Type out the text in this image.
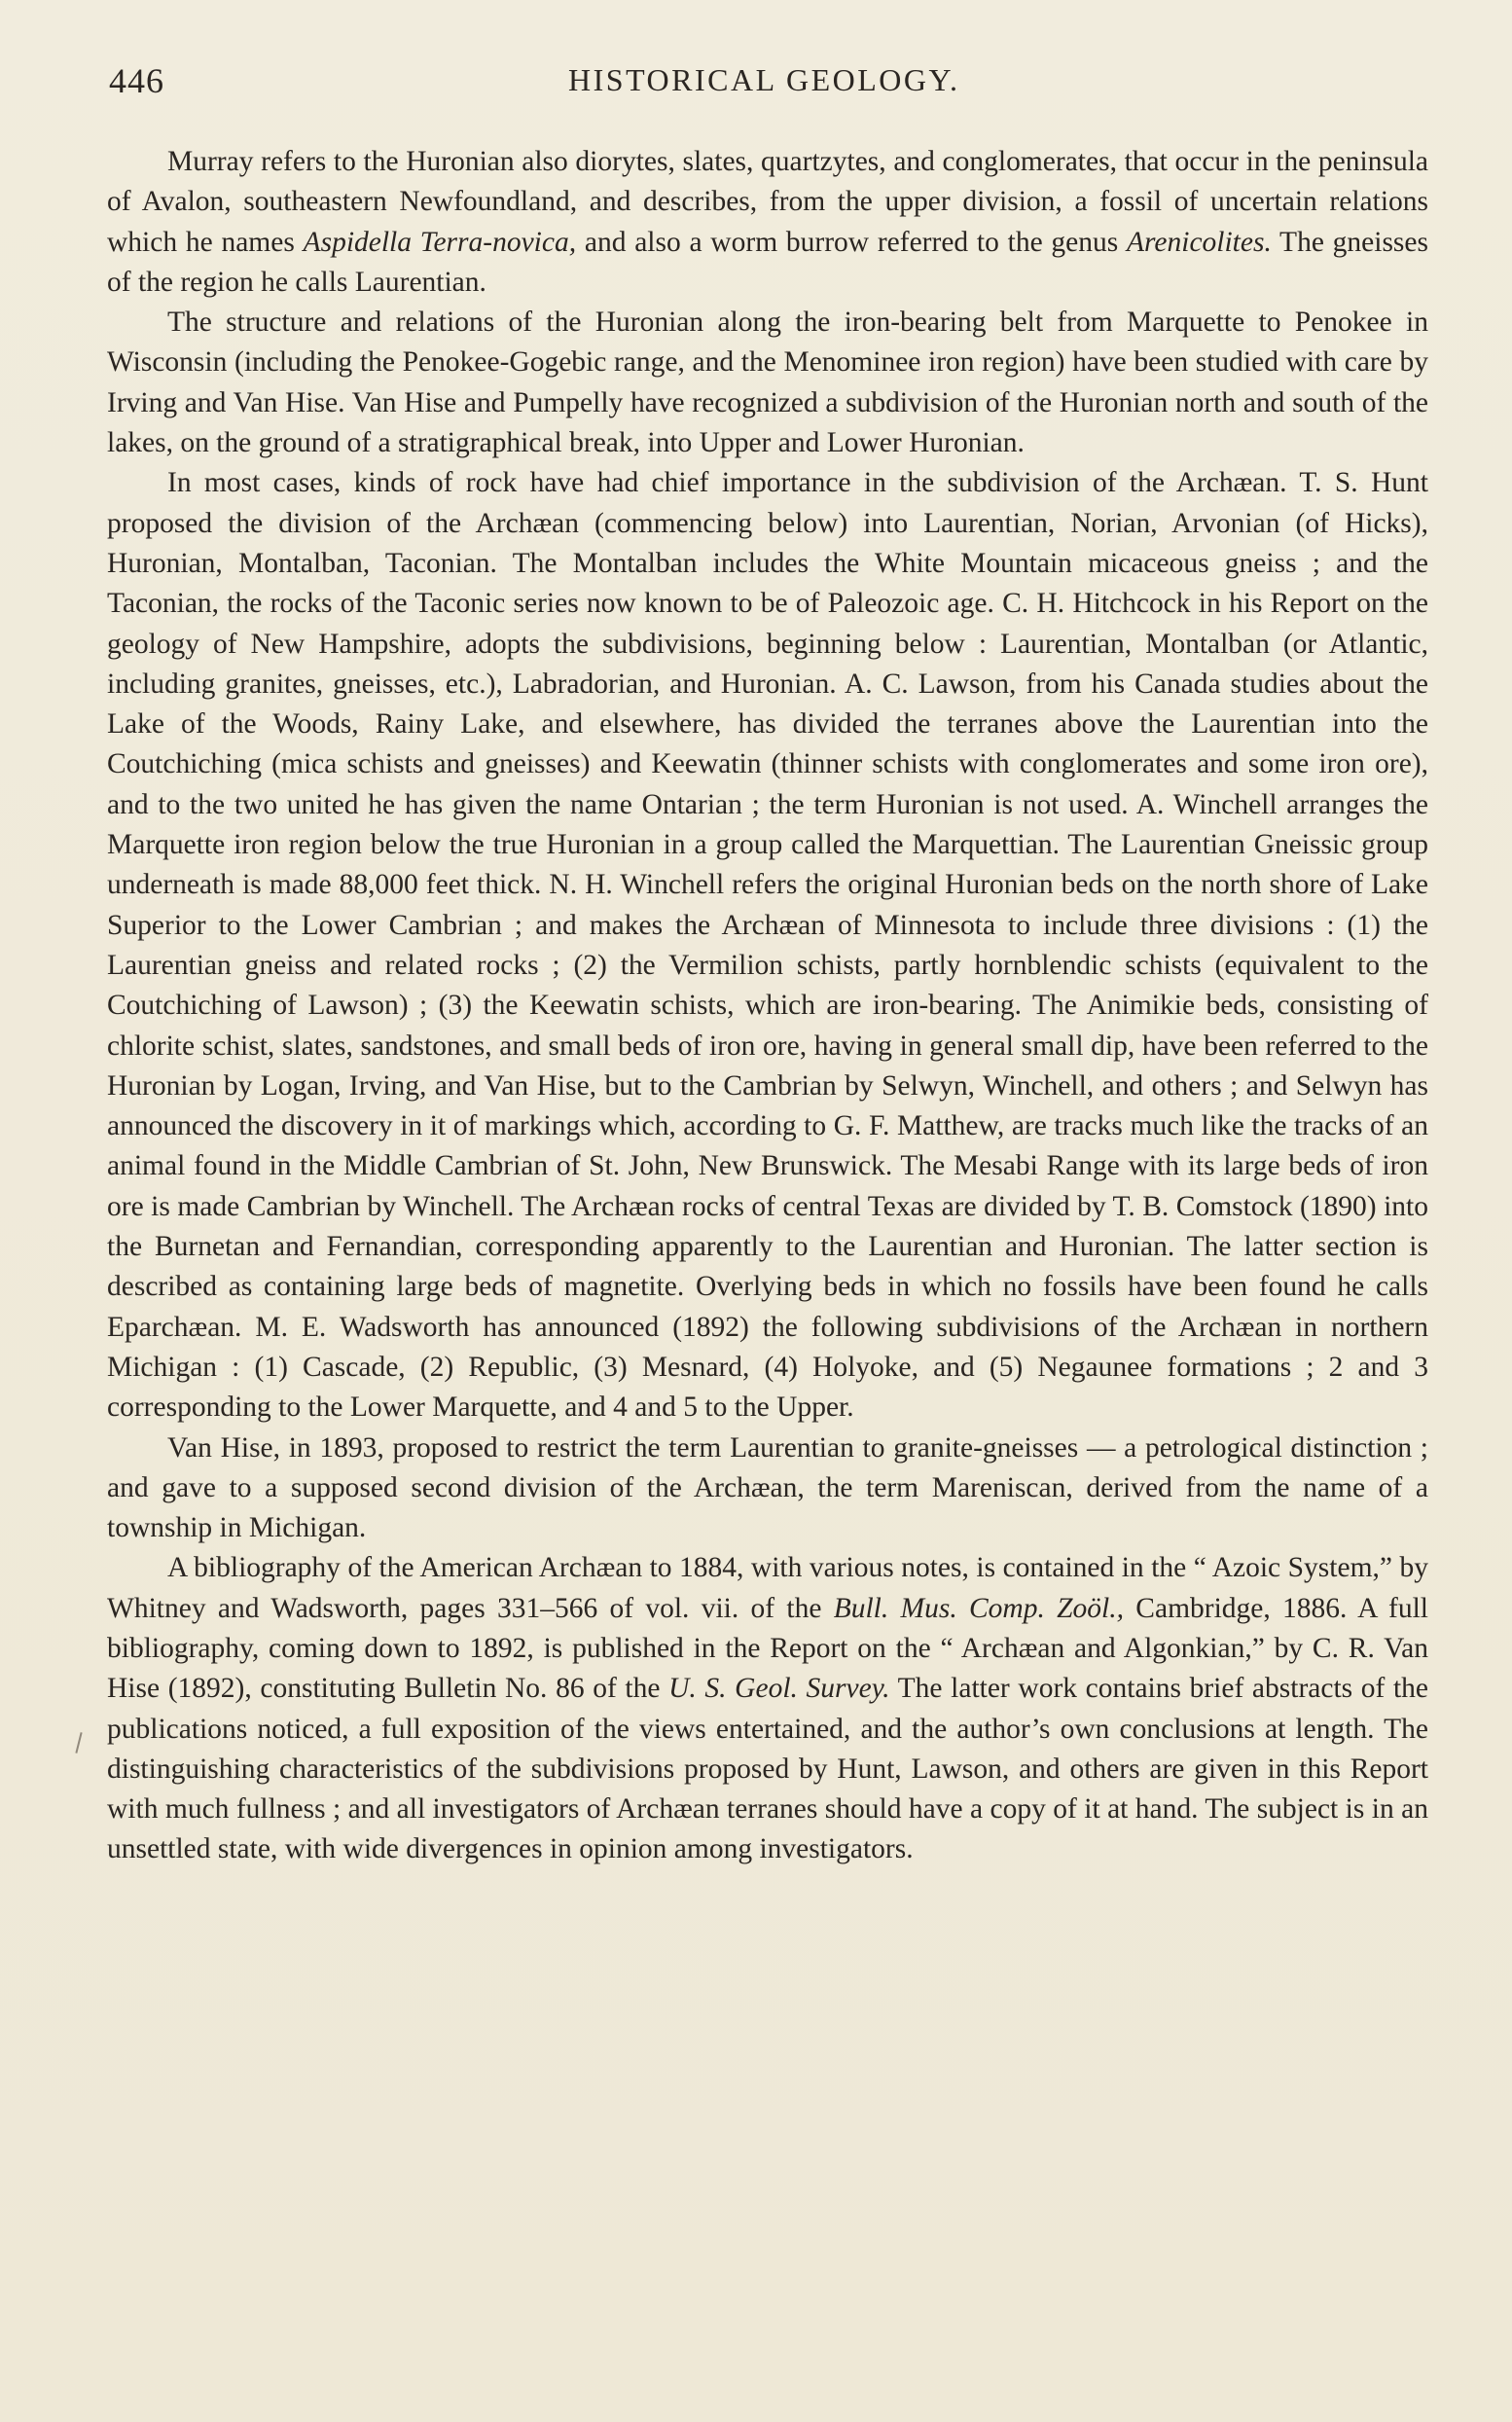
446	HISTORICAL GEOLOGY.

Murray refers to the Huronian also diorytes, slates, quartzytes, and conglomerates, that occur in the peninsula of Avalon, southeastern Newfoundland, and describes, from the upper division, a fossil of uncertain relations which he names Aspidella Terra-novica, and also a worm burrow referred to the genus Arenicolites. The gneisses of the region he calls Laurentian.

The structure and relations of the Huronian along the iron-bearing belt from Marquette to Penokee in Wisconsin (including the Penokee-Gogebic range, and the Menominee iron region) have been studied with care by Irving and Van Hise. Van Hise and Pumpelly have recognized a subdivision of the Huronian north and south of the lakes, on the ground of a stratigraphical break, into Upper and Lower Huronian.

In most cases, kinds of rock have had chief importance in the subdivision of the Archæan. T. S. Hunt proposed the division of the Archæan (commencing below) into Laurentian, Norian, Arvonian (of Hicks), Huronian, Montalban, Taconian. The Montalban includes the White Mountain micaceous gneiss ; and the Taconian, the rocks of the Taconic series now known to be of Paleozoic age. C. H. Hitchcock in his Report on the geology of New Hampshire, adopts the subdivisions, beginning below : Laurentian, Montalban (or Atlantic, including granites, gneisses, etc.), Labradorian, and Huronian. A. C. Lawson, from his Canada studies about the Lake of the Woods, Rainy Lake, and elsewhere, has divided the terranes above the Laurentian into the Coutchiching (mica schists and gneisses) and Keewatin (thinner schists with conglomerates and some iron ore), and to the two united he has given the name Ontarian ; the term Huronian is not used. A. Winchell arranges the Marquette iron region below the true Huronian in a group called the Marquettian. The Laurentian Gneissic group underneath is made 88,000 feet thick. N. H. Winchell refers the original Huronian beds on the north shore of Lake Superior to the Lower Cambrian ; and makes the Archæan of Minnesota to include three divisions : (1) the Laurentian gneiss and related rocks ; (2) the Vermilion schists, partly hornblendic schists (equivalent to the Coutchiching of Lawson) ; (3) the Keewatin schists, which are iron-bearing. The Animikie beds, consisting of chlorite schist, slates, sandstones, and small beds of iron ore, having in general small dip, have been referred to the Huronian by Logan, Irving, and Van Hise, but to the Cambrian by Selwyn, Winchell, and others ; and Selwyn has announced the discovery in it of markings which, according to G. F. Matthew, are tracks much like the tracks of an animal found in the Middle Cambrian of St. John, New Brunswick. The Mesabi Range with its large beds of iron ore is made Cambrian by Winchell. The Archæan rocks of central Texas are divided by T. B. Comstock (1890) into the Burnetan and Fernandian, corresponding apparently to the Laurentian and Huronian. The latter section is described as containing large beds of magnetite. Overlying beds in which no fossils have been found he calls Eparchæan. M. E. Wadsworth has announced (1892) the following subdivisions of the Archæan in northern Michigan : (1) Cascade, (2) Republic, (3) Mesnard, (4) Holyoke, and (5) Negaunee formations ; 2 and 3 corresponding to the Lower Marquette, and 4 and 5 to the Upper.

Van Hise, in 1893, proposed to restrict the term Laurentian to granite-gneisses — a petrological distinction ; and gave to a supposed second division of the Archæan, the term Mareniscan, derived from the name of a township in Michigan.

A bibliography of the American Archæan to 1884, with various notes, is contained in the “ Azoic System,” by Whitney and Wadsworth, pages 331–566 of vol. vii. of the Bull. Mus. Comp. Zoöl., Cambridge, 1886. A full bibliography, coming down to 1892, is published in the Report on the “ Archæan and Algonkian,” by C. R. Van Hise (1892), constituting Bulletin No. 86 of the U. S. Geol. Survey. The latter work contains brief abstracts of the publications noticed, a full exposition of the views entertained, and the author’s own conclusions at length. The distinguishing characteristics of the subdivisions proposed by Hunt, Lawson, and others are given in this Report with much fullness ; and all investigators of Archæan terranes should have a copy of it at hand. The subject is in an unsettled state, with wide divergences in opinion among investigators.
